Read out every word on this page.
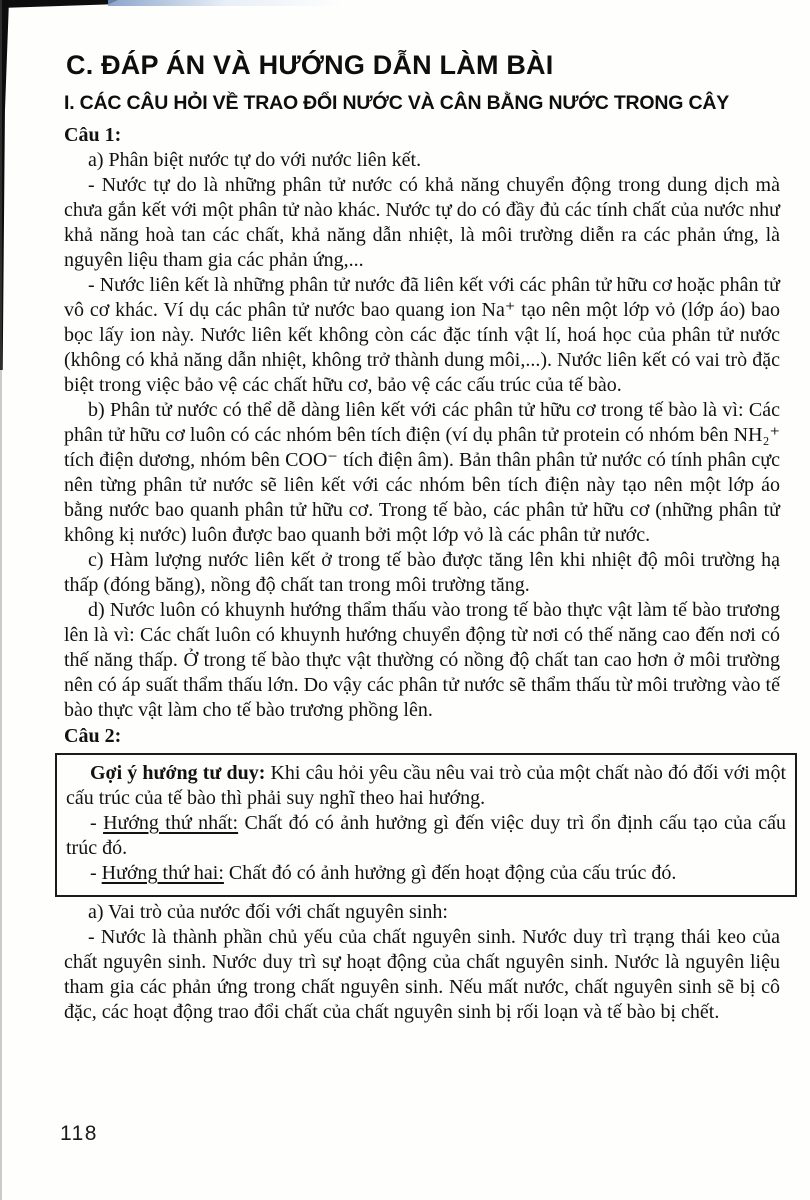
C. ĐÁP ÁN VÀ HƯỚNG DẪN LÀM BÀI
I. CÁC CÂU HỎI VỀ TRAO ĐỔI NƯỚC VÀ CÂN BẰNG NƯỚC TRONG CÂY
Câu 1:

a) Phân biệt nước tự do với nước liên kết.

- Nước tự do là những phân tử nước có khả năng chuyển động trong dung dịch mà chưa gắn kết với một phân tử nào khác. Nước tự do có đầy đủ các tính chất của nước như khả năng hoà tan các chất, khả năng dẫn nhiệt, là môi trường diễn ra các phản ứng, là nguyên liệu tham gia các phản ứng,...

- Nước liên kết là những phân tử nước đã liên kết với các phân tử hữu cơ hoặc phân tử vô cơ khác. Ví dụ các phân tử nước bao quang ion Na⁺ tạo nên một lớp vỏ (lớp áo) bao bọc lấy ion này. Nước liên kết không còn các đặc tính vật lí, hoá học của phân tử nước (không có khả năng dẫn nhiệt, không trở thành dung môi,...). Nước liên kết có vai trò đặc biệt trong việc bảo vệ các chất hữu cơ, bảo vệ các cấu trúc của tế bào.

b) Phân tử nước có thể dễ dàng liên kết với các phân tử hữu cơ trong tế bào là vì: Các phân tử hữu cơ luôn có các nhóm bên tích điện (ví dụ phân tử protein có nhóm bên NH₂⁺ tích điện dương, nhóm bên COO⁻ tích điện âm). Bản thân phân tử nước có tính phân cực nên từng phân tử nước sẽ liên kết với các nhóm bên tích điện này tạo nên một lớp áo bằng nước bao quanh phân tử hữu cơ. Trong tế bào, các phân tử hữu cơ (những phân tử không kị nước) luôn được bao quanh bởi một lớp vỏ là các phân tử nước.

c) Hàm lượng nước liên kết ở trong tế bào được tăng lên khi nhiệt độ môi trường hạ thấp (đóng băng), nồng độ chất tan trong môi trường tăng.

d) Nước luôn có khuynh hướng thẩm thấu vào trong tế bào thực vật làm tế bào trương lên là vì: Các chất luôn có khuynh hướng chuyển động từ nơi có thế năng cao đến nơi có thế năng thấp. Ở trong tế bào thực vật thường có nồng độ chất tan cao hơn ở môi trường nên có áp suất thẩm thấu lớn. Do vậy các phân tử nước sẽ thẩm thấu từ môi trường vào tế bào thực vật làm cho tế bào trương phồng lên.

Câu 2:

Gợi ý hướng tư duy: Khi câu hỏi yêu cầu nêu vai trò của một chất nào đó đối với một cấu trúc của tế bào thì phải suy nghĩ theo hai hướng.

- Hướng thứ nhất: Chất đó có ảnh hưởng gì đến việc duy trì ổn định cấu tạo của cấu trúc đó.

- Hướng thứ hai: Chất đó có ảnh hưởng gì đến hoạt động của cấu trúc đó.

a) Vai trò của nước đối với chất nguyên sinh:

- Nước là thành phần chủ yếu của chất nguyên sinh. Nước duy trì trạng thái keo của chất nguyên sinh. Nước duy trì sự hoạt động của chất nguyên sinh. Nước là nguyên liệu tham gia các phản ứng trong chất nguyên sinh. Nếu mất nước, chất nguyên sinh sẽ bị cô đặc, các hoạt động trao đổi chất của chất nguyên sinh bị rối loạn và tế bào bị chết.

118
